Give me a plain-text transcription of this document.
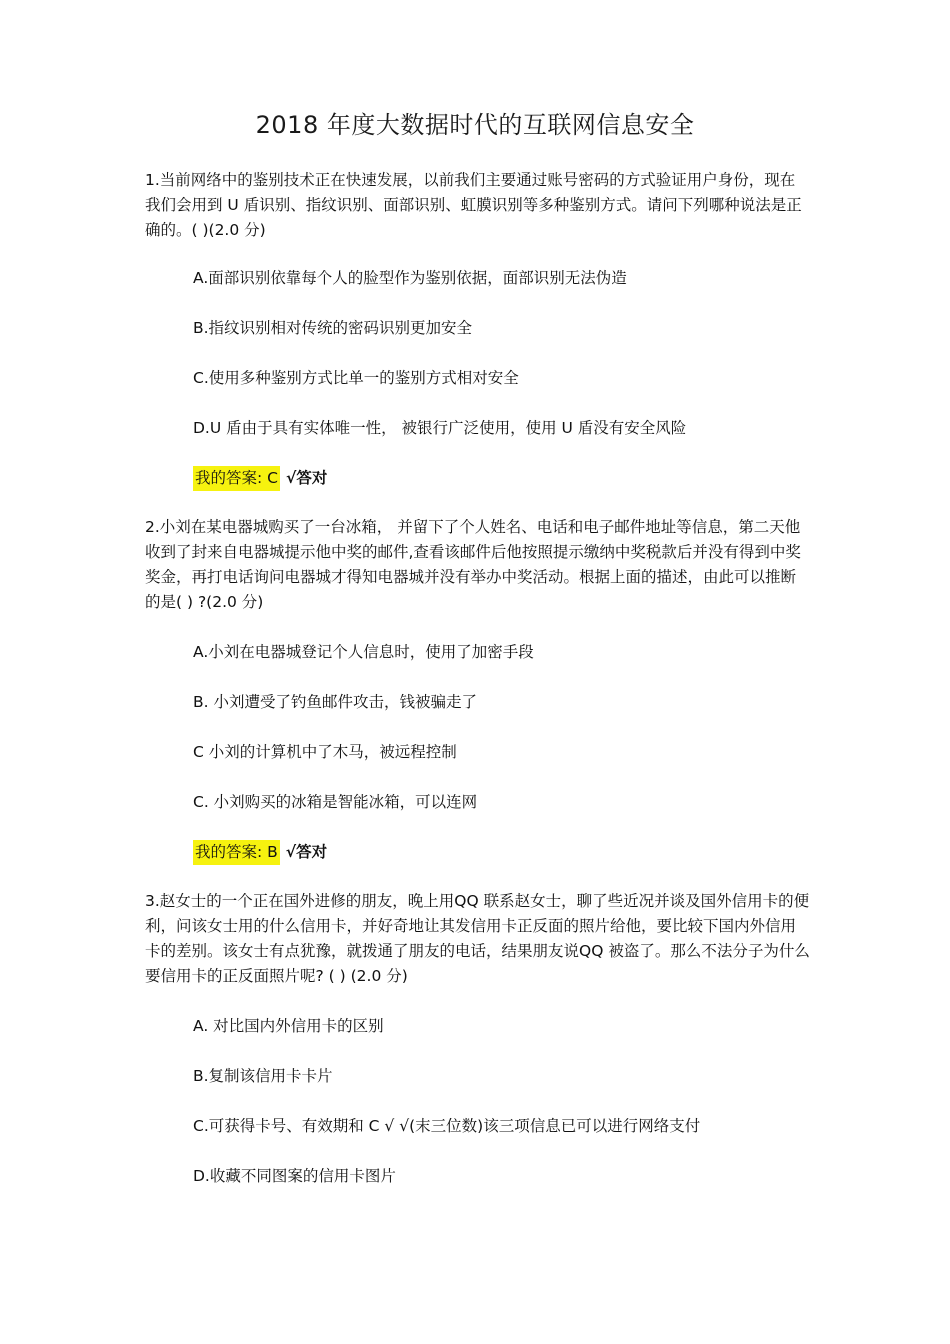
2018 年度大数据时代的互联网信息安全
1.当前网络中的鉴别技术正在快速发展，以前我们主要通过账号密码的方式验证用户身份，现在我们会用到 U 盾识别、指纹识别、面部识别、虹膜识别等多种鉴别方式。请问下列哪种说法是正确的。( )(2.0 分)
A.面部识别依靠每个人的脸型作为鉴别依据，面部识别无法伪造
B.指纹识别相对传统的密码识别更加安全
C.使用多种鉴别方式比单一的鉴别方式相对安全
D.U 盾由于具有实体唯一性， 被银行广泛使用，使用 U 盾没有安全风险
我的答案: C √答对
2.小刘在某电器城购买了一台冰箱， 并留下了个人姓名、电话和电子邮件地址等信息，第二天他收到了封来自电器城提示他中奖的邮件,查看该邮件后他按照提示缴纳中奖税款后并没有得到中奖奖金，再打电话询问电器城才得知电器城并没有举办中奖活动。根据上面的描述，由此可以推断的是( ) ?(2.0 分)
A.小刘在电器城登记个人信息时，使用了加密手段
B. 小刘遭受了钓鱼邮件攻击，钱被骗走了
C 小刘的计算机中了木马，被远程控制
C. 小刘购买的冰箱是智能冰箱，可以连网
我的答案: B √答对
3.赵女士的一个正在国外进修的朋友，晚上用QQ 联系赵女士，聊了些近况并谈及国外信用卡的便利，问该女士用的什么信用卡，并好奇地让其发信用卡正反面的照片给他，要比较下国内外信用卡的差别。该女士有点犹豫，就拨通了朋友的电话，结果朋友说QQ 被盗了。那么不法分子为什么要信用卡的正反面照片呢? ( ) (2.0 分)
A. 对比国内外信用卡的区别
B.复制该信用卡卡片
C.可获得卡号、有效期和 C √ √(末三位数)该三项信息已可以进行网络支付
D.收藏不同图案的信用卡图片
